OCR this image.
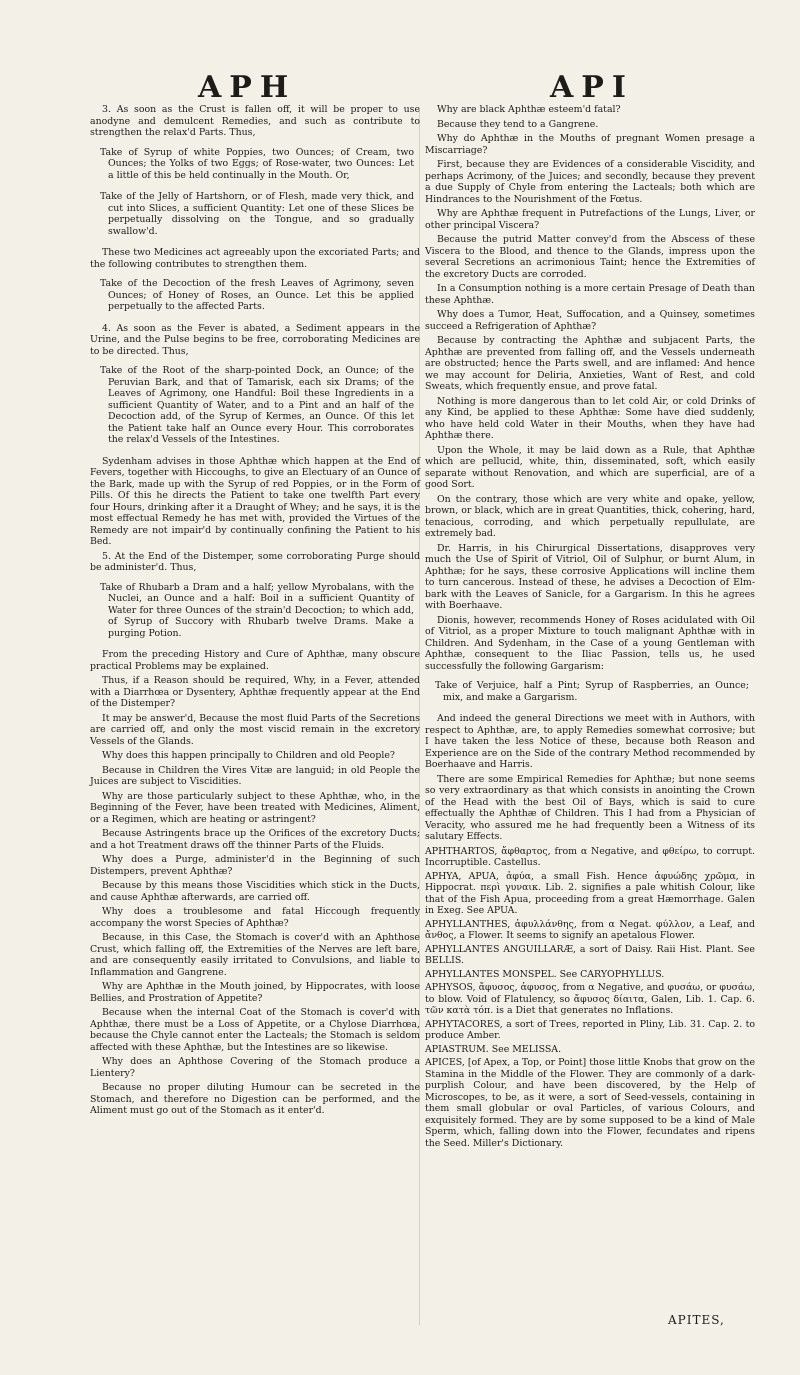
APH	API

3. As soon as the Crust is fallen off, it will be proper to use anodyne and demulcent Remedies, and such as contribute to strengthen the relax'd Parts. Thus,

Take of Syrup of white Poppies, two Ounces; of Cream, two Ounces; the Yolks of two Eggs; of Rose-water, two Ounces: Let a little of this be held continually in the Mouth. Or,

Take of the Jelly of Hartshorn, or of Flesh, made very thick, and cut into Slices, a sufficient Quantity: Let one of these Slices be perpetually dissolving on the Tongue, and so gradually swallow'd.

These two Medicines act agreeably upon the excoriated Parts; and the following contributes to strengthen them.

Take of the Decoction of the fresh Leaves of Agrimony, seven Ounces; of Honey of Roses, an Ounce. Let this be applied perpetually to the affected Parts.

4. As soon as the Fever is abated, a Sediment appears in the Urine, and the Pulse begins to be free, corroborating Medicines are to be directed. Thus,

Take of the Root of the sharp-pointed Dock, an Ounce; of the Peruvian Bark, and that of Tamarisk, each six Drams; of the Leaves of Agrimony, one Handful: Boil these Ingredients in a sufficient Quantity of Water, and to a Pint and an half of the Decoction add, of the Syrup of Kermes, an Ounce. Of this let the Patient take half an Ounce every Hour. This corroborates the relax'd Vessels of the Intestines.

Sydenham advises in those Aphthæ which happen at the End of Fevers, together with Hiccoughs, to give an Electuary of an Ounce of the Bark, made up with the Syrup of red Poppies, or in the Form of Pills. Of this he directs the Patient to take one twelfth Part every four Hours, drinking after it a Draught of Whey; and he says, it is the most effectual Remedy he has met with, provided the Virtues of the Remedy are not impair'd by continually confining the Patient to his Bed.

5. At the End of the Distemper, some corroborating Purge should be administer'd. Thus,

Take of Rhubarb a Dram and a half; yellow Myrobalans, with the Nuclei, an Ounce and a half: Boil in a sufficient Quantity of Water for three Ounces of the strain'd Decoction; to which add, of Syrup of Succory with Rhubarb twelve Drams. Make a purging Potion.

From the preceding History and Cure of Aphthæ, many obscure practical Problems may be explained.

Thus, if a Reason should be required, Why, in a Fever, attended with a Diarrhœa or Dysentery, Aphthæ frequently appear at the End of the Distemper?

It may be answer'd, Because the most fluid Parts of the Secretions are carried off, and only the most viscid remain in the excretory Vessels of the Glands.

Why does this happen principally to Children and old People?

Because in Children the Vires Vitæ are languid; in old People the Juices are subject to Viscidities.

Why are those particularly subject to these Aphthæ, who, in the Beginning of the Fever, have been treated with Medicines, Aliment, or a Regimen, which are heating or astringent?

Because Astringents brace up the Orifices of the excretory Ducts; and a hot Treatment draws off the thinner Parts of the Fluids.

Why does a Purge, administer'd in the Beginning of such Distempers, prevent Aphthæ?

Because by this means those Viscidities which stick in the Ducts, and cause Aphthæ afterwards, are carried off.

Why does a troublesome and fatal Hiccough frequently accompany the worst Species of Aphthæ?

Because, in this Case, the Stomach is cover'd with an Aphthose Crust, which falling off, the Extremities of the Nerves are left bare, and are consequently easily irritated to Convulsions, and liable to Inflammation and Gangrene.

Why are Aphthæ in the Mouth joined, by Hippocrates, with loose Bellies, and Prostration of Appetite?

Because when the internal Coat of the Stomach is cover'd with Aphthæ, there must be a Loss of Appetite, or a Chylose Diarrhœa, because the Chyle cannot enter the Lacteals; the Stomach is seldom affected with these Aphthæ, but the Intestines are so likewise.

Why does an Aphthose Covering of the Stomach produce a Lientery?

Because no proper diluting Humour can be secreted in the Stomach, and therefore no Digestion can be performed, and the Aliment must go out of the Stomach as it enter'd.

Why are black Aphthæ esteem'd fatal?

Because they tend to a Gangrene.

Why do Aphthæ in the Mouths of pregnant Women presage a Miscarriage?

First, because they are Evidences of a considerable Viscidity, and perhaps Acrimony, of the Juices; and secondly, because they prevent a due Supply of Chyle from entering the Lacteals; both which are Hindrances to the Nourishment of the Fœtus.

Why are Aphthæ frequent in Putrefactions of the Lungs, Liver, or other principal Viscera?

Because the putrid Matter convey'd from the Abscess of these Viscera to the Blood, and thence to the Glands, impress upon the several Secretions an acrimonious Taint; hence the Extremities of the excretory Ducts are corroded.

In a Consumption nothing is a more certain Presage of Death than these Aphthæ.

Why does a Tumor, Heat, Suffocation, and a Quinsey, sometimes succeed a Refrigeration of Aphthæ?

Because by contracting the Aphthæ and subjacent Parts, the Aphthæ are prevented from falling off, and the Vessels underneath are obstructed; hence the Parts swell, and are inflamed: And hence we may account for Deliria, Anxieties, Want of Rest, and cold Sweats, which frequently ensue, and prove fatal.

Nothing is more dangerous than to let cold Air, or cold Drinks of any Kind, be applied to these Aphthæ: Some have died suddenly, who have held cold Water in their Mouths, when they have had Aphthæ there.

Upon the Whole, it may be laid down as a Rule, that Aphthæ which are pellucid, white, thin, disseminated, soft, which easily separate without Renovation, and which are superficial, are of a good Sort.

On the contrary, those which are very white and opake, yellow, brown, or black, which are in great Quantities, thick, cohering, hard, tenacious, corroding, and which perpetually repullulate, are extremely bad.

Dr. Harris, in his Chirurgical Dissertations, disapproves very much the Use of Spirit of Vitriol, Oil of Sulphur, or burnt Alum, in Aphthæ; for he says, these corrosive Applications will incline them to turn cancerous. Instead of these, he advises a Decoction of Elm-bark with the Leaves of Sanicle, for a Gargarism. In this he agrees with Boerhaave.

Dionis, however, recommends Honey of Roses acidulated with Oil of Vitriol, as a proper Mixture to touch malignant Aphthæ with in Children. And Sydenham, in the Case of a young Gentleman with Aphthæ, consequent to the Iliac Passion, tells us, he used successfully the following Gargarism:

Take of Verjuice, half a Pint; Syrup of Raspberries, an Ounce; mix, and make a Gargarism.

And indeed the general Directions we meet with in Authors, with respect to Aphthæ, are, to apply Remedies somewhat corrosive; but I have taken the less Notice of these, because both Reason and Experience are on the Side of the contrary Method recommended by Boerhaave and Harris.

There are some Empirical Remedies for Aphthæ; but none seems so very extraordinary as that which consists in anointing the Crown of the Head with the best Oil of Bays, which is said to cure effectually the Aphthæ of Children. This I had from a Physician of Veracity, who assured me he had frequently been a Witness of its salutary Effects.

APHTHARTOS, ἄφθαρτος, from α Negative, and φθείρω, to corrupt. Incorruptible. Castellus.

APHYA, APUA, ἀφύα, a small Fish. Hence ἀφυώδης χρῶμα, in Hippocrat. περὶ γυναικ. Lib. 2. signifies a pale whitish Colour, like that of the Fish Apua, proceeding from a great Hæmorrhage. Galen in Exeg. See APUA.

APHYLLANTHES, ἀφυλλάνθης, from α Negat. φύλλον, a Leaf, and ἄνθος, a Flower. It seems to signify an apetalous Flower.

APHYLLANTES ANGUILLARÆ, a sort of Daisy. Raii Hist. Plant. See BELLIS.

APHYLLANTES MONSPEL. See CARYOPHYLLUS.

APHYSOS, ἄφυσος, ἀφυσος, from α Negative, and φυσάω, or φυσάω, to blow. Void of Flatulency, so ἄφυσος δίαιτα, Galen, Lib. 1. Cap. 6. τῶν κατὰ τόπ. is a Diet that generates no Inflations.

APHYTACORES, a sort of Trees, reported in Pliny, Lib. 31. Cap. 2. to produce Amber.

APIASTRUM. See MELISSA.

APICES, [of Apex, a Top, or Point] those little Knobs that grow on the Stamina in the Middle of the Flower. They are commonly of a dark-purplish Colour, and have been discovered, by the Help of Microscopes, to be, as it were, a sort of Seed-vessels, containing in them small globular or oval Particles, of various Colours, and exquisitely formed. They are by some supposed to be a kind of Male Sperm, which, falling down into the Flower, fecundates and ripens the Seed. Miller's Dictionary.

APITES,
